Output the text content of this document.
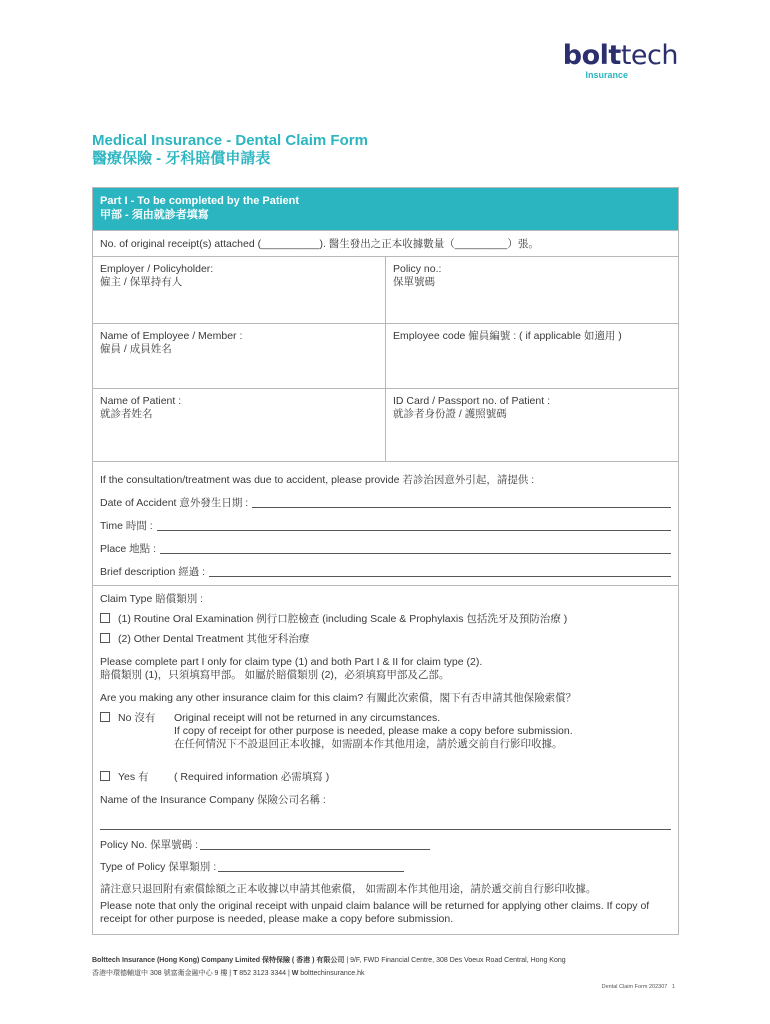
bolttech
Insurance
Medical Insurance - Dental Claim Form
醫療保險 - 牙科賠償申請表
Part I - To be completed by the Patient
甲部 - 須由就診者填寫
No. of original receipt(s) attached (__________). 醫生發出之正本收據數量（_________）張。
Employer / Policyholder:
僱主 / 保單持有人
Policy no.:
保單號碼
Name of Employee / Member :
僱員 / 成員姓名
Employee code 僱員編號 : ( if applicable 如適用 )
Name of Patient :
就診者姓名
ID Card / Passport no. of Patient :
就診者身份證 / 護照號碼
If the consultation/treatment was due to accident, please provide 若診治因意外引起，請提供 :
Date of Accident 意外發生日期 :
Time 時間 :
Place 地點 :
Brief description 經過 :
Claim Type 賠償類別 :
(1) Routine Oral Examination 例行口腔檢查 (including Scale & Prophylaxis 包括洗牙及預防治療 )
(2) Other Dental Treatment 其他牙科治療
Please complete part I only for claim type (1) and both Part I & II for claim type (2).
賠償類別 (1)，只須填寫甲部。 如屬於賠償類別 (2)，必須填寫甲部及乙部。
Are you making any other insurance claim for this claim? 有關此次索償，閣下有否申請其他保險索償？
No 沒有	Original receipt will not be returned in any circumstances.
If copy of receipt for other purpose is needed, please make a copy before submission.
在任何情況下不設退回正本收據，如需副本作其他用途，請於遞交前自行影印收據。
Yes 有	( Required information 必需填寫 )
Name of the Insurance Company 保險公司名稱 :
Policy No. 保單號碼 :
Type of Policy 保單類別 :
請注意只退回附有索償餘額之正本收據以申請其他索償， 如需副本作其他用途，請於遞交前自行影印收據。
Please note that only the original receipt with unpaid claim balance will be returned for applying other claims. If copy of receipt for other purpose is needed, please make a copy before submission.
Bolttech Insurance (Hong Kong) Company Limited 保特保險 ( 香港 ) 有限公司 | 9/F, FWD Financial Centre, 308 Des Voeux Road Central, Hong Kong
香港中環德輔道中 308 號富衛金融中心 9 樓 | T 852 3123 3344 | W bolttechinsurance.hk
Dental Claim Form 202307 1
